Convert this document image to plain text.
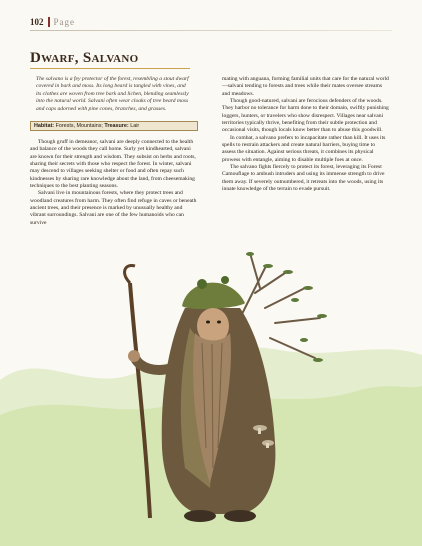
102 Page
Dwarf, Salvano
The salvano is a fey protector of the forest, resembling a stout dwarf covered in bark and moss. Its long beard is tangled with vines, and its clothes are woven from tree bark and lichen, blending seamlessly into the natural world. Salvani often wear cloaks of tree beard moss and caps adorned with pine cones, branches, and grasses.
Habitat:
Forests, Mountains;
Treasure:
Lair

Though gruff in demeanor, salvani are deeply connected to the health and balance of the woods they call home. Surly yet kindhearted, salvani are known for their strength and wisdom. They subsist on herbs and roots, sharing their secrets with those who respect the forest. In winter, salvani may descend to villages seeking shelter or food and often repay such kindnesses by sharing rare knowledge about the land, from cheesemaking techniques to the best planting seasons.

Salvani live in mountainous forests, where they protect trees and woodland creatures from harm. They often find refuge in caves or beneath ancient trees, and their presence is marked by unusually healthy and vibrant surroundings. Salvani are one of the few humanoids who can survive

mating with anguana, forming familial units that care for the natural world—salvani tending to forests and trees while their mates oversee streams and meadows.

Though good-natured, salvani are ferocious defenders of the woods. They harbor no tolerance for harm done to their domain, swiftly punishing loggers, hunters, or travelers who show disrespect. Villages near salvani territories typically thrive, benefiting from their subtle protection and occasional visits, though locals know better than to abuse this goodwill.

In combat, a salvano prefers to incapacitate rather than kill. It uses its spells to restrain attackers and create natural barriers, buying time to assess the situation. Against serious threats, it combines its physical prowess with entangle, aiming to disable multiple foes at once.

The salvano fights fiercely to protect its forest, leveraging its Forest Camouflage to ambush intruders and using its immense strength to drive them away. If severely outnumbered, it retreats into the woods, using its innate knowledge of the terrain to evade pursuit.
